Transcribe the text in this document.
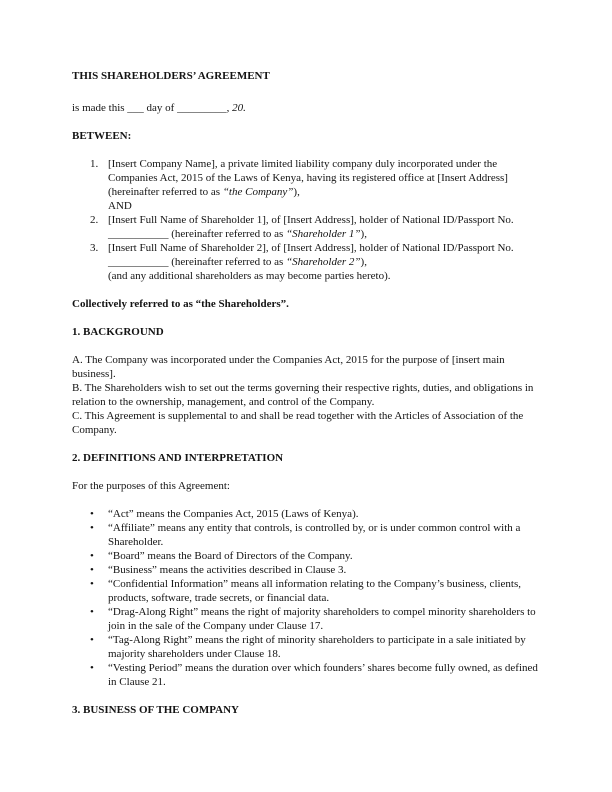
THIS SHAREHOLDERS’ AGREEMENT
is made this ___ day of _________, 20.
BETWEEN:
1. [Insert Company Name], a private limited liability company duly incorporated under the Companies Act, 2015 of the Laws of Kenya, having its registered office at [Insert Address] (hereinafter referred to as “the Company”),
AND
2. [Insert Full Name of Shareholder 1], of [Insert Address], holder of National ID/Passport No. ___________ (hereinafter referred to as “Shareholder 1”),
3. [Insert Full Name of Shareholder 2], of [Insert Address], holder of National ID/Passport No. ___________ (hereinafter referred to as “Shareholder 2”),
(and any additional shareholders as may become parties hereto).
Collectively referred to as “the Shareholders”.
1. BACKGROUND
A. The Company was incorporated under the Companies Act, 2015 for the purpose of [insert main business].
B. The Shareholders wish to set out the terms governing their respective rights, duties, and obligations in relation to the ownership, management, and control of the Company.
C. This Agreement is supplemental to and shall be read together with the Articles of Association of the Company.
2. DEFINITIONS AND INTERPRETATION
For the purposes of this Agreement:
• “Act” means the Companies Act, 2015 (Laws of Kenya).
• “Affiliate” means any entity that controls, is controlled by, or is under common control with a Shareholder.
• “Board” means the Board of Directors of the Company.
• “Business” means the activities described in Clause 3.
• “Confidential Information” means all information relating to the Company’s business, clients, products, software, trade secrets, or financial data.
• “Drag-Along Right” means the right of majority shareholders to compel minority shareholders to join in the sale of the Company under Clause 17.
• “Tag-Along Right” means the right of minority shareholders to participate in a sale initiated by majority shareholders under Clause 18.
• “Vesting Period” means the duration over which founders’ shares become fully owned, as defined in Clause 21.
3. BUSINESS OF THE COMPANY
